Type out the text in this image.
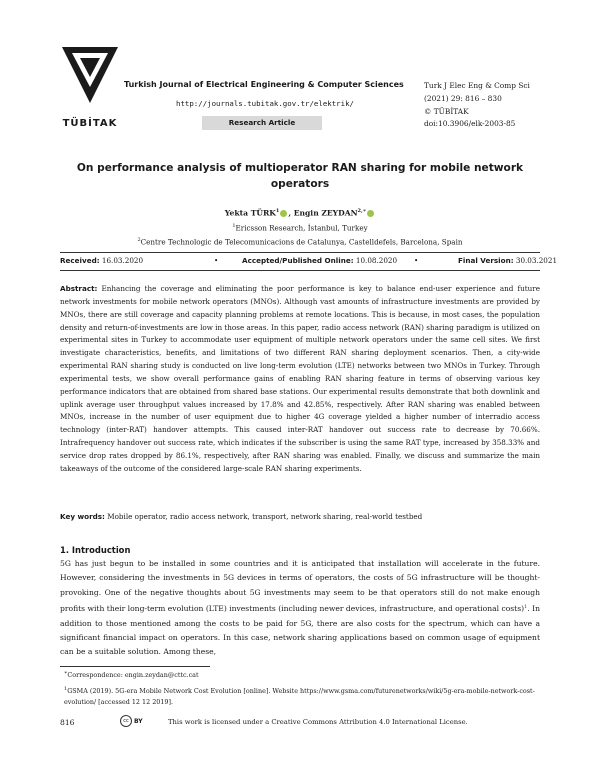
TÜBİTAK
Turkish Journal of Electrical Engineering & Computer Sciences
http://journals.tubitak.gov.tr/elektrik/
Research Article
Turk J Elec Eng & Comp Sci
(2021) 29: 816 – 830
© TÜBİTAK
doi:10.3906/elk-2003-85
On performance analysis of multioperator RAN sharing for mobile network operators
Yekta TÜRK$^1$ , Engin $ZEYDAN^{2,∗}$
$^1$Ericsson Research, İstanbul, Turkey
$^2$Centre Technologic de Telecomunicacions de Catalunya, Castelldefels, Barcelona, Spain
Received: 16.03.2020	•	Accepted/Published Online: 10.08.2020 •	Final Version: 30.03.2021
Abstract: Enhancing the coverage and eliminating the poor performance is key to balance end-user experience and future network investments for mobile network operators (MNOs). Although vast amounts of infrastructure investments are provided by MNOs, there are still coverage and capacity planning problems at remote locations. This is because, in most cases, the population density and return-of-investments are low in those areas. In this paper, radio access network (RAN) sharing paradigm is utilized on experimental sites in Turkey to accommodate user equipment of multiple network operators under the same cell sites. We first investigate characteristics, benefits, and limitations of two different RAN sharing deployment scenarios. Then, a city-wide experimental RAN sharing study is conducted on live long-term evolution (LTE) networks between two MNOs in Turkey. Through experimental tests, we show overall performance gains of enabling RAN sharing feature in terms of observing various key performance indicators that are obtained from shared base stations. Our experimental results demonstrate that both downlink and uplink average user throughput values increased by 17.8% and 42.85%, respectively. After RAN sharing was enabled between MNOs, increase in the number of user equipment due to higher 4G coverage yielded a higher number of interradio access technology (inter-RAT) handover attempts. This caused inter-RAT handover out success rate to decrease by 70.66%. Intrafrequency handover out success rate, which indicates if the subscriber is using the same RAT type, increased by 358.33% and service drop rates dropped by 86.1%, respectively, after RAN sharing was enabled. Finally, we discuss and summarize the main takeaways of the outcome of the considered large-scale RAN sharing experiments.
Key words: Mobile operator, radio access network, transport, network sharing, real-world testbed
1. Introduction
5G has just begun to be installed in some countries and it is anticipated that installation will accelerate in the future. However, considering the investments in 5G devices in terms of operators, the costs of 5G infrastructure will be thought-provoking. One of the negative thoughts about 5G investments may seem to be that operators still do not make enough profits with their long-term evolution (LTE) investments (including newer devices, infrastructure, and operational costs)$^1$. In addition to those mentioned among the costs to be paid for 5G, there are also costs for the spectrum, which can have a significant financial impact on operators. In this case, network sharing applications based on common usage of equipment can be a suitable solution. Among these,
∗Correspondence: engin.zeydan@cttc.cat
$^1$GSMA (2019). 5G-era Mobile Network Cost Evolution [online]. Website https://www.gsma.com/futurenetworks/wiki/5g-era-mobile-network-cost-evolution/ [accessed 12 12 2019].
816	cc BY	This work is licensed under a Creative Commons Attribution 4.0 International License.
